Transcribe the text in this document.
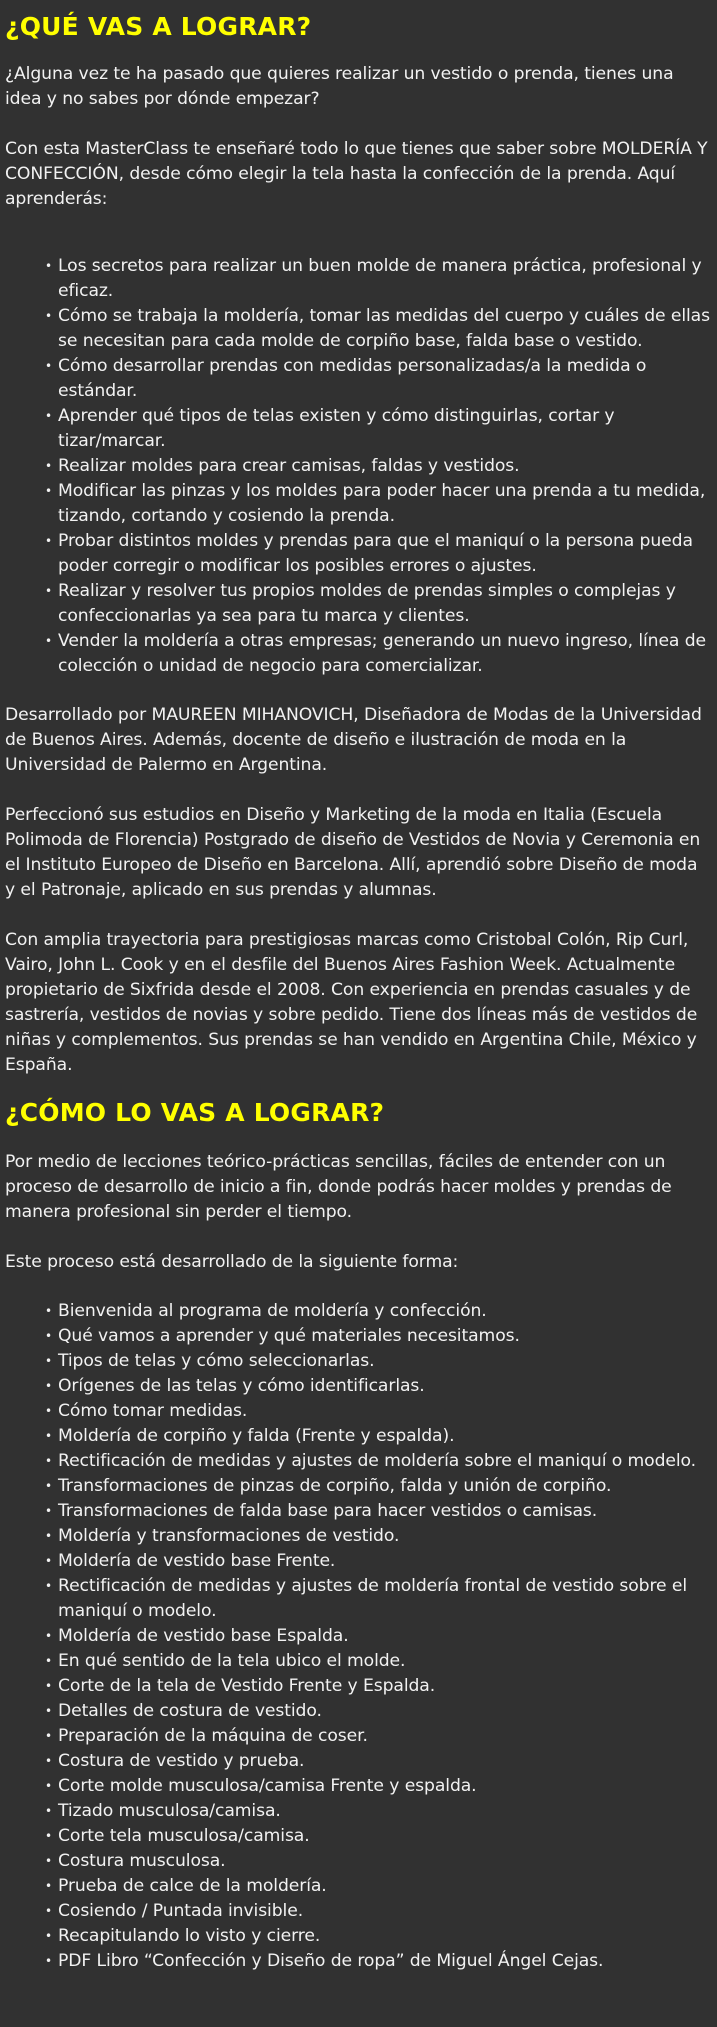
¿QUÉ VAS A LOGRAR?

¿Alguna vez te ha pasado que quieres realizar un vestido o prenda, tienes una idea y no sabes por dónde empezar?

Con esta MasterClass te enseñaré todo lo que tienes que saber sobre MOLDERÍA Y CONFECCIÓN, desde cómo elegir la tela hasta la confección de la prenda. Aquí aprenderás:

• Los secretos para realizar un buen molde de manera práctica, profesional y eficaz.
• Cómo se trabaja la moldería, tomar las medidas del cuerpo y cuáles de ellas se necesitan para cada molde de corpiño base, falda base o vestido.
• Cómo desarrollar prendas con medidas personalizadas/a la medida o estándar.
• Aprender qué tipos de telas existen y cómo distinguirlas, cortar y tizar/marcar.
• Realizar moldes para crear camisas, faldas y vestidos.
• Modificar las pinzas y los moldes para poder hacer una prenda a tu medida, tizando, cortando y cosiendo la prenda.
• Probar distintos moldes y prendas para que el maniquí o la persona pueda poder corregir o modificar los posibles errores o ajustes.
• Realizar y resolver tus propios moldes de prendas simples o complejas y confeccionarlas ya sea para tu marca y clientes.
• Vender la moldería a otras empresas; generando un nuevo ingreso, línea de colección o unidad de negocio para comercializar.

Desarrollado por MAUREEN MIHANOVICH, Diseñadora de Modas de la Universidad de Buenos Aires. Además, docente de diseño e ilustración de moda en la Universidad de Palermo en Argentina.

Perfeccionó sus estudios en Diseño y Marketing de la moda en Italia (Escuela Polimoda de Florencia) Postgrado de diseño de Vestidos de Novia y Ceremonia en el Instituto Europeo de Diseño en Barcelona. Allí, aprendió sobre Diseño de moda y el Patronaje, aplicado en sus prendas y alumnas.

Con amplia trayectoria para prestigiosas marcas como Cristobal Colón, Rip Curl, Vairo, John L. Cook y en el desfile del Buenos Aires Fashion Week. Actualmente propietario de Sixfrida desde el 2008. Con experiencia en prendas casuales y de sastrería, vestidos de novias y sobre pedido. Tiene dos líneas más de vestidos de niñas y complementos. Sus prendas se han vendido en Argentina Chile, México y España.

¿CÓMO LO VAS A LOGRAR?

Por medio de lecciones teórico-prácticas sencillas, fáciles de entender con un proceso de desarrollo de inicio a fin, donde podrás hacer moldes y prendas de manera profesional sin perder el tiempo.

Este proceso está desarrollado de la siguiente forma:

• Bienvenida al programa de moldería y confección.
• Qué vamos a aprender y qué materiales necesitamos.
• Tipos de telas y cómo seleccionarlas.
• Orígenes de las telas y cómo identificarlas.
• Cómo tomar medidas.
• Moldería de corpiño y falda (Frente y espalda).
• Rectificación de medidas y ajustes de moldería sobre el maniquí o modelo.
• Transformaciones de pinzas de corpiño, falda y unión de corpiño.
• Transformaciones de falda base para hacer vestidos o camisas.
• Moldería y transformaciones de vestido.
• Moldería de vestido base Frente.
• Rectificación de medidas y ajustes de moldería frontal de vestido sobre el maniquí o modelo.
• Moldería de vestido base Espalda.
• En qué sentido de la tela ubico el molde.
• Corte de la tela de Vestido Frente y Espalda.
• Detalles de costura de vestido.
• Preparación de la máquina de coser.
• Costura de vestido y prueba.
• Corte molde musculosa/camisa Frente y espalda.
• Tizado musculosa/camisa.
• Corte tela musculosa/camisa.
• Costura musculosa.
• Prueba de calce de la moldería.
• Cosiendo / Puntada invisible.
• Recapitulando lo visto y cierre.
• PDF Libro “Confección y Diseño de ropa” de Miguel Ángel Cejas.
